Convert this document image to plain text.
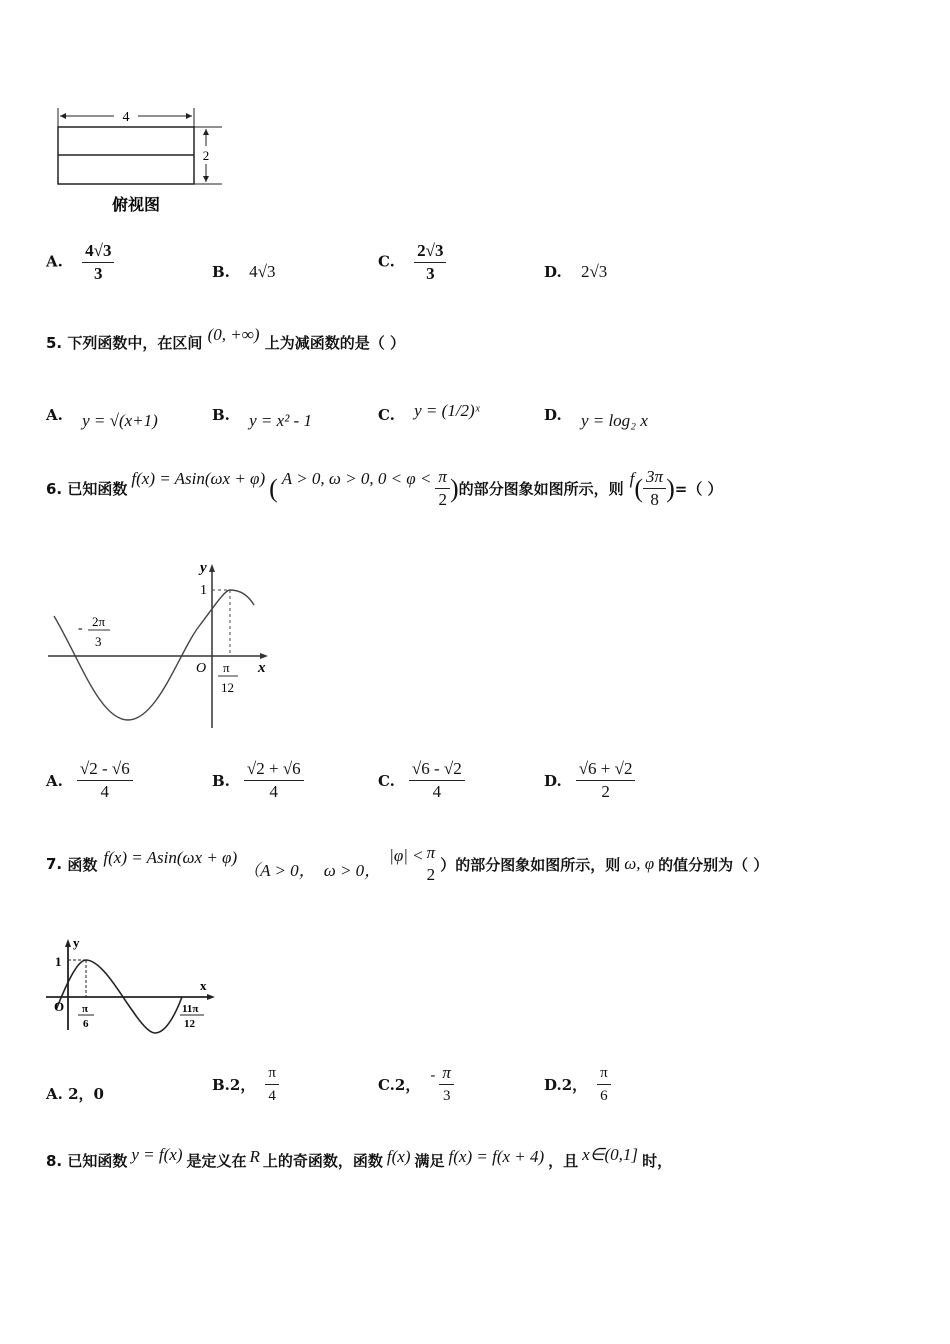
4
2
俯视图
A. $\frac{4√3}{3}$	B. 4√3
C. $\frac{2√3}{3}$	D. 2√3
5. 下列函数中，在区间 (0, +∞) 上为减函数的是（ ）
A. y = √(x+1)	B. y = x² - 1	C. y = (1/2)ˣ	D. y = log₂ x
6.
已知函数
f(x) = Asin(ωx + φ) ( A > 0, ω > 0, $0 < \varphi < \frac{\pi}{2}$ ) 的部分图象如图所示，则
f ( $\frac{3\pi}{8}$ ) =（ ）
y
x
O
1
- 2π
3
π
12
A. $\frac{√2 - √6}{4}$	B. $\frac{√2 + √6}{4}$	C. $\frac{√6 - √2}{4}$	D. $\frac{√6 + √2}{2}$
7.
函数 f(x) = Asin(ωx + φ)
（A > 0， ω > 0，
|φ| < π
2
）的部分图象如图所示，则 ω, φ 的值分别为（ ）
y
x
O
1
π
6
11π
12
A. 2，0
B. 2， $\frac{\pi}{4}$	C. 2，
- $\frac{\pi}{3}$	D. 2， $\frac{\pi}{6}$
8.
已知函数 y = f(x) 是定义在 R 上的奇函数，函数 f(x) 满足 f(x) = f(x + 4) ，且 x∈(0,1] 时，
